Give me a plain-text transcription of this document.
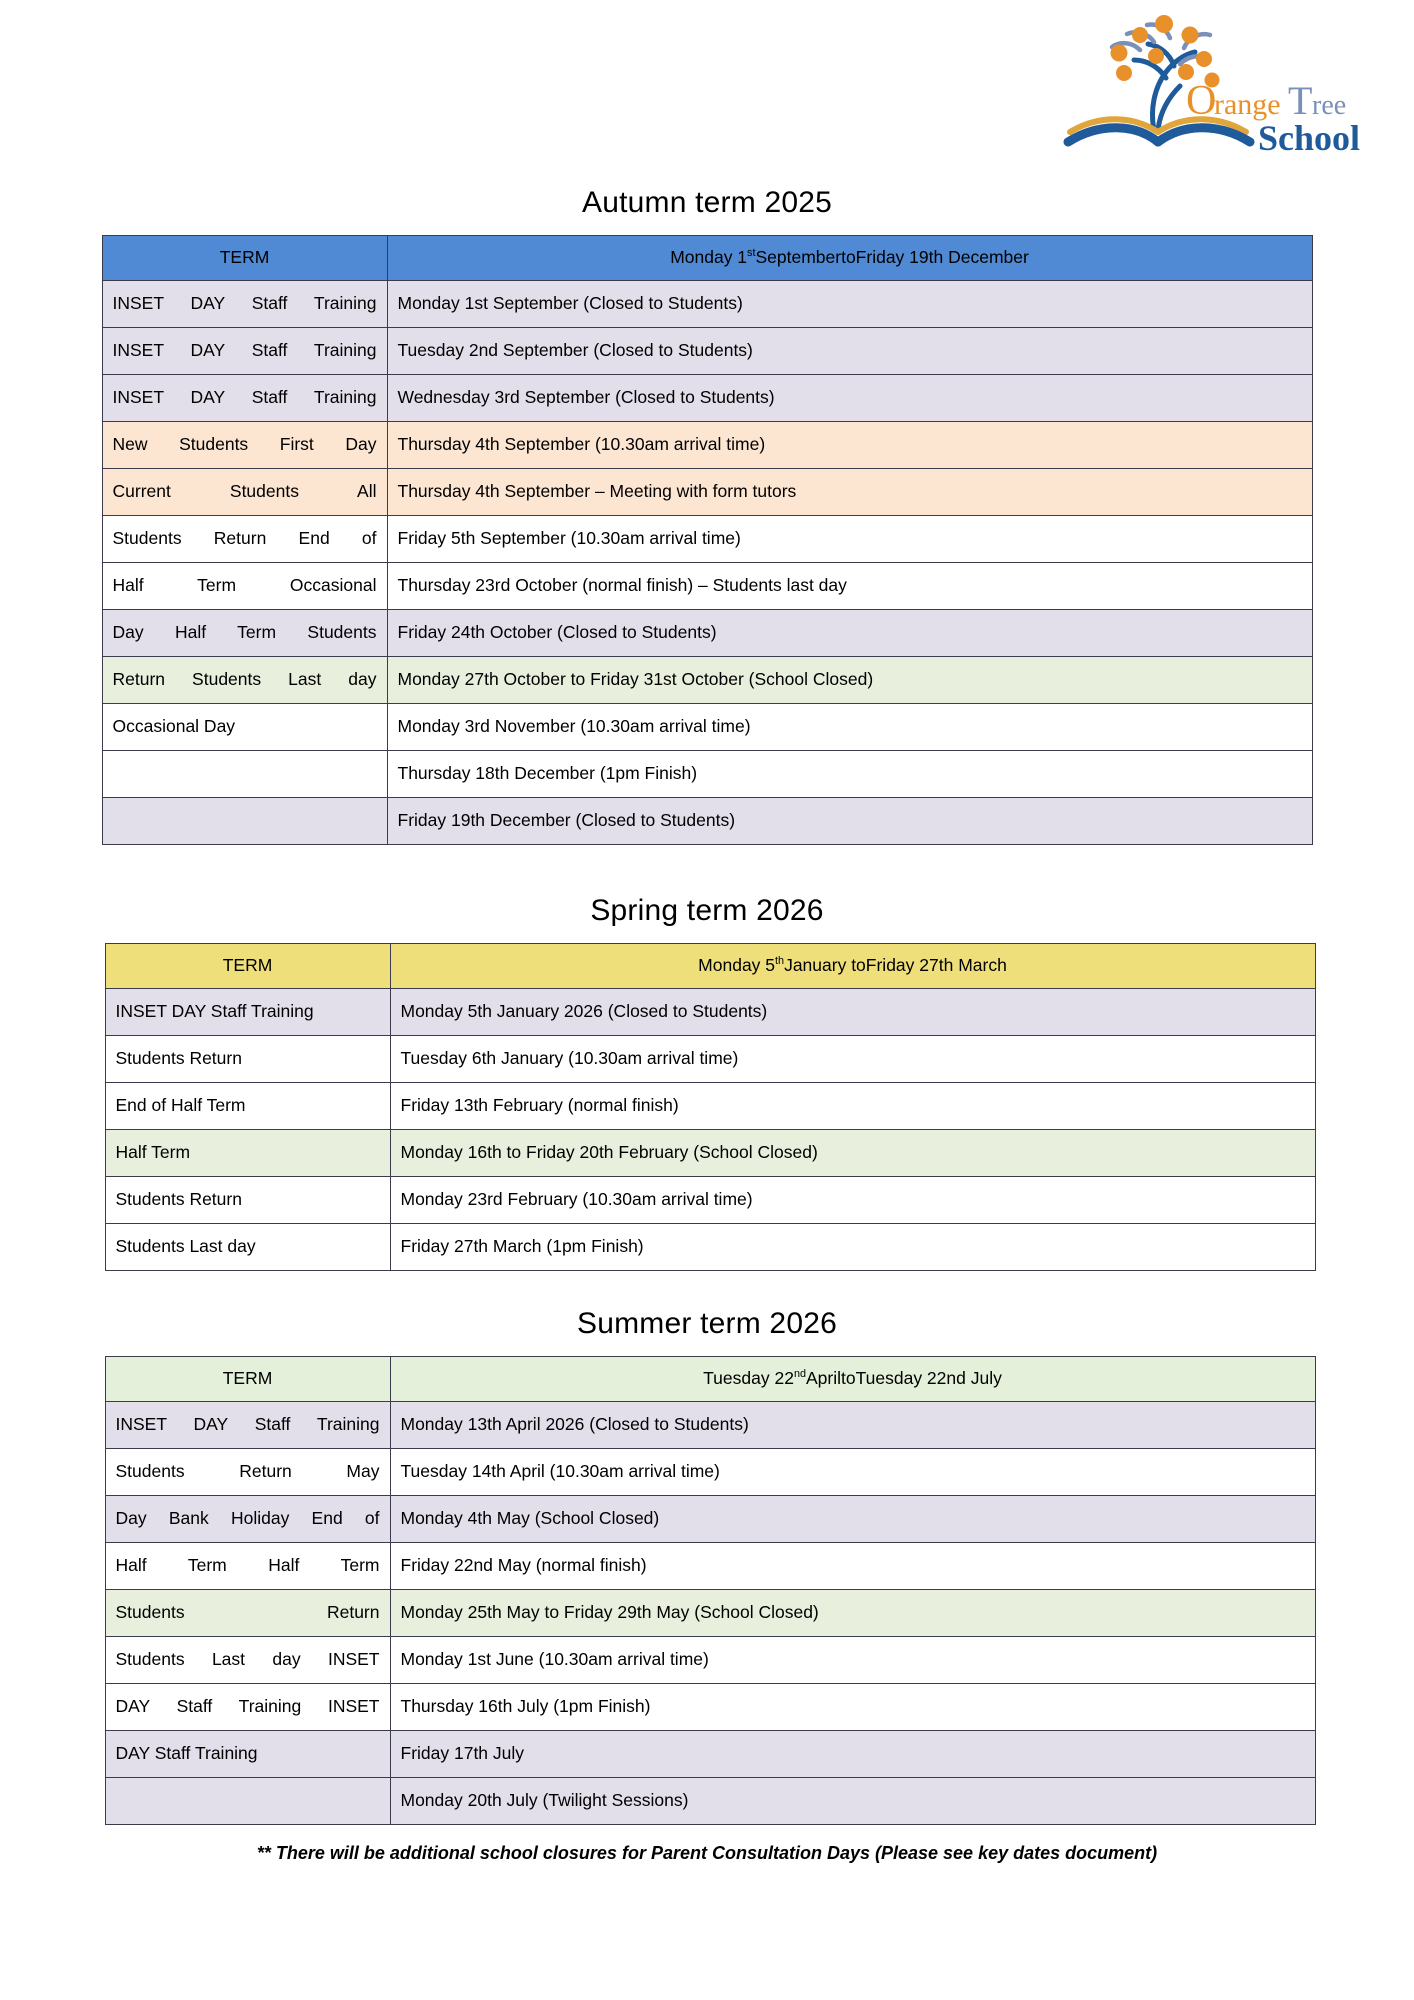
O
range T ree
School
Autumn term 2025
TERM	Monday 1stSeptembertoFriday 19th December
INSET DAY Staff Training	Monday 1st September (Closed to Students)
INSET DAY Staff Training	Tuesday 2nd September (Closed to Students)
INSET DAY Staff Training	Wednesday 3rd September (Closed to Students)
New Students First Day	Thursday 4th September (10.30am arrival time)
Current Students All	Thursday 4th September – Meeting with form tutors
Students Return End of	Friday 5th September (10.30am arrival time)
Half Term Occasional	Thursday 23rd October (normal finish) – Students last day
Day Half Term Students	Friday 24th October (Closed to Students)
Return Students Last day	Monday 27th October to Friday 31st October (School Closed)
Occasional Day	Monday 3rd November (10.30am arrival time)
	Thursday 18th December (1pm Finish)
	Friday 19th December (Closed to Students)
Spring term 2026
TERM	Monday 5thJanuary toFriday 27th March
INSET DAY Staff Training	Monday 5th January 2026 (Closed to Students)
Students Return	Tuesday 6th January (10.30am arrival time)
End of Half Term	Friday 13th February (normal finish)
Half Term	Monday 16th to Friday 20th February (School Closed)
Students Return	Monday 23rd February (10.30am arrival time)
Students Last day	Friday 27th March (1pm Finish)
Summer term 2026
TERM	Tuesday 22ndApriltoTuesday 22nd July
INSET DAY Staff Training	Monday 13th April 2026 (Closed to Students)
Students Return May	Tuesday 14th April (10.30am arrival time)
Day Bank Holiday End of	Monday 4th May (School Closed)
Half Term Half Term	Friday 22nd May (normal finish)
Students Return	Monday 25th May to Friday 29th May (School Closed)
Students Last day INSET	Monday 1st June (10.30am arrival time)
DAY Staff Training INSET	Thursday 16th July (1pm Finish)
DAY Staff Training	Friday 17th July
	Monday 20th July (Twilight Sessions)

** There will be additional school closures for Parent Consultation Days (Please see key dates document)
